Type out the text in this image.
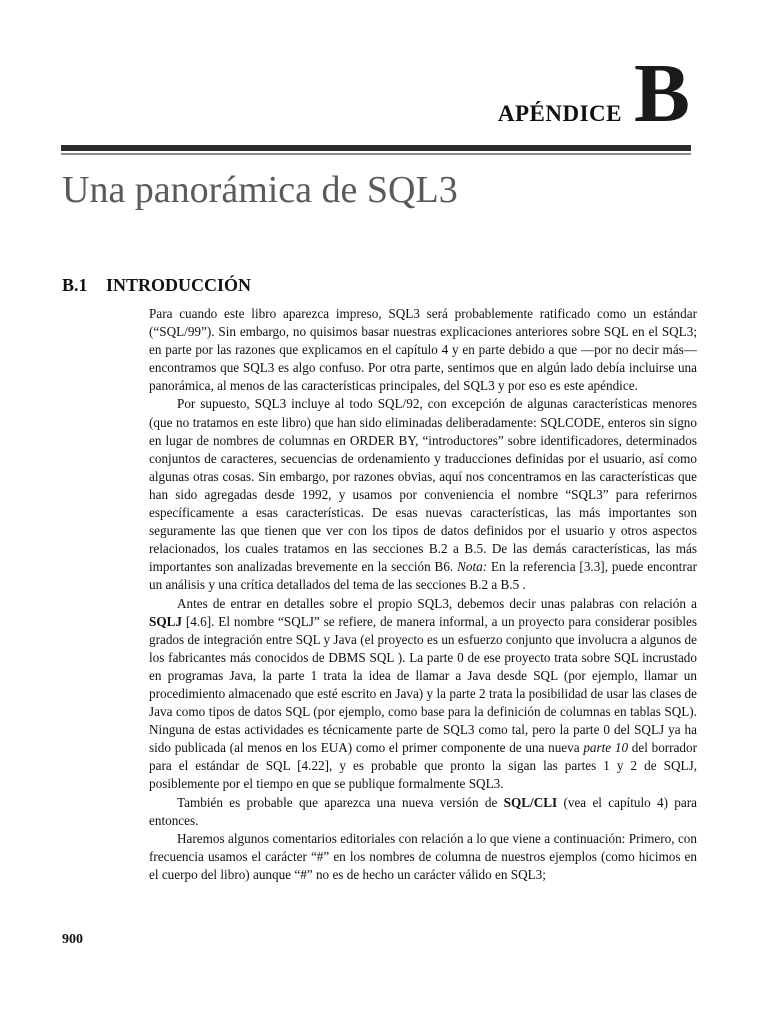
APÉNDICE B
Una panorámica de SQL3
B.1 INTRODUCCIÓN

Para cuando este libro aparezca impreso, SQL3 será probablemente ratificado como un estándar (“SQL/99”). Sin embargo, no quisimos basar nuestras explicaciones anteriores sobre SQL en el SQL3; en parte por las razones que explicamos en el capítulo 4 y en parte debido a que —por no decir más— encontramos que SQL3 es algo confuso. Por otra parte, sentimos que en algún lado debía incluirse una panorámica, al menos de las características principales, del SQL3 y por eso es este apéndice.

Por supuesto, SQL3 incluye al todo SQL/92, con excepción de algunas características menores (que no tratamos en este libro) que han sido eliminadas deliberadamente: SQLCODE, enteros sin signo en lugar de nombres de columnas en ORDER BY, “introductores” sobre identificadores, determinados conjuntos de caracteres, secuencias de ordenamiento y traducciones definidas por el usuario, así como algunas otras cosas. Sin embargo, por razones obvias, aquí nos concentramos en las características que han sido agregadas desde 1992, y usamos por conveniencia el nombre “SQL3” para referirnos específicamente a esas características. De esas nuevas características, las más importantes son seguramente las que tienen que ver con los tipos de datos definidos por el usuario y otros aspectos relacionados, los cuales tratamos en las secciones B.2 a B.5. De las demás características, las más importantes son analizadas brevemente en la sección B6. Nota: En la referencia [3.3], puede encontrar un análisis y una crítica detallados del tema de las secciones B.2 a B.5 .

Antes de entrar en detalles sobre el propio SQL3, debemos decir unas palabras con relación a SQLJ [4.6]. El nombre “SQLJ” se refiere, de manera informal, a un proyecto para considerar posibles grados de integración entre SQL y Java (el proyecto es un esfuerzo conjunto que involucra a algunos de los fabricantes más conocidos de DBMS SQL ). La parte 0 de ese proyecto trata sobre SQL incrustado en programas Java, la parte 1 trata la idea de llamar a Java desde SQL (por ejemplo, llamar un procedimiento almacenado que esté escrito en Java) y la parte 2 trata la posibilidad de usar las clases de Java como tipos de datos SQL (por ejemplo, como base para la definición de columnas en tablas SQL). Ninguna de estas actividades es técnicamente parte de SQL3 como tal, pero la parte 0 del SQLJ ya ha sido publicada (al menos en los EUA) como el primer componente de una nueva parte 10 del borrador para el estándar de SQL [4.22], y es probable que pronto la sigan las partes 1 y 2 de SQLJ, posiblemente por el tiempo en que se publique formalmente SQL3.

También es probable que aparezca una nueva versión de SQL/CLI (vea el capítulo 4) para entonces.

Haremos algunos comentarios editoriales con relación a lo que viene a continuación: Primero, con frecuencia usamos el carácter “#” en los nombres de columna de nuestros ejemplos (como hicimos en el cuerpo del libro) aunque “#” no es de hecho un carácter válido en SQL3;

900
